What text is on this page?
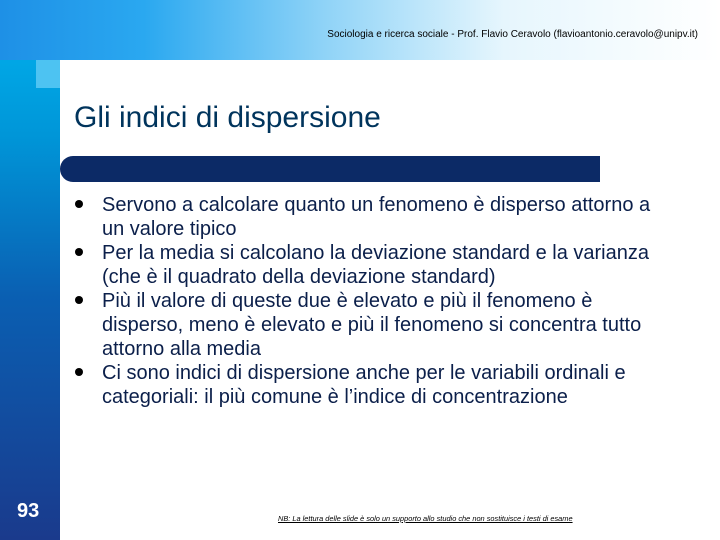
Sociologia e ricerca sociale - Prof. Flavio Ceravolo (flavioantonio.ceravolo@unipv.it)
Gli indici di dispersione
Servono a calcolare quanto un fenomeno è disperso attorno a un valore tipico
Per la media si calcolano la deviazione standard e la varianza (che è il quadrato della deviazione standard)
Più il valore di queste due è elevato e più il fenomeno è disperso, meno è elevato e più il fenomeno si concentra tutto attorno alla media
Ci sono indici di dispersione anche per le variabili ordinali e categoriali: il più comune è l’indice di concentrazione
93	NB: La lettura delle slide è solo un supporto allo studio che non sostituisce i testi di esame
